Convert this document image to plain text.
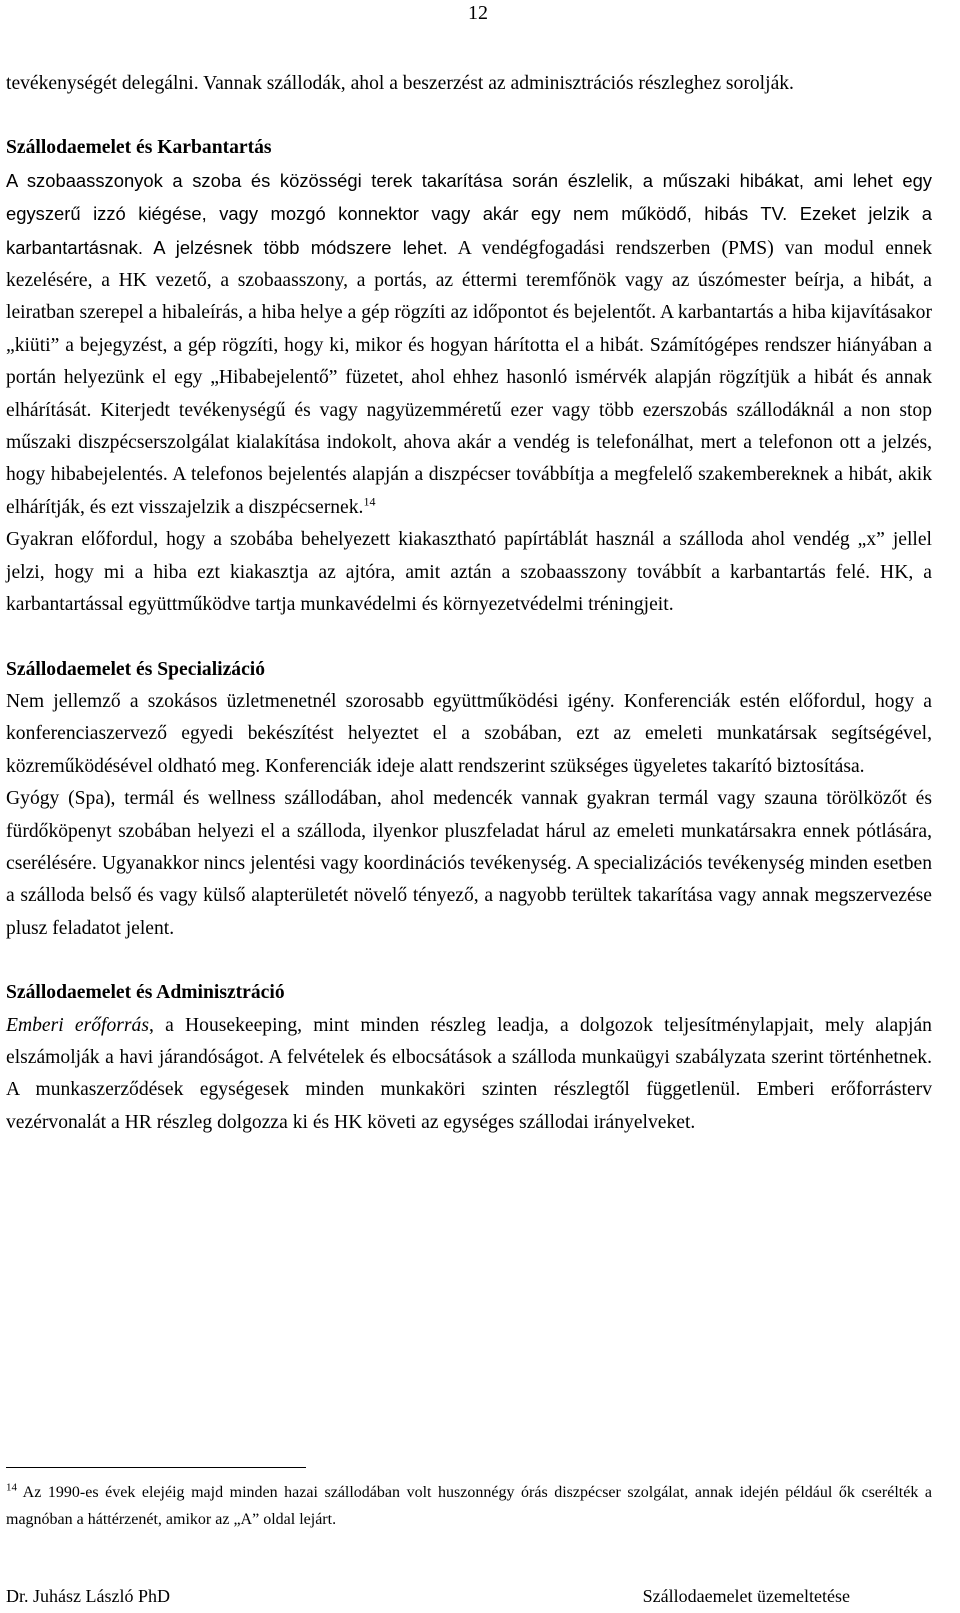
12

tevékenységét delegálni. Vannak szállodák, ahol a beszerzést az adminisztrációs részleghez sorolják.

Szállodaemelet és Karbantartás

A szobaasszonyok a szoba és közösségi terek takarítása során észlelik, a műszaki hibákat, ami lehet egy egyszerű izzó kiégése, vagy mozgó konnektor vagy akár egy nem működő, hibás TV. Ezeket jelzik a karbantartásnak. A jelzésnek több módszere lehet. A vendégfogadási rendszerben (PMS) van modul ennek kezelésére, a HK vezető, a szobaasszony, a portás, az éttermi teremfőnök vagy az úszómester beírja, a hibát, a leiratban szerepel a hibaleírás, a hiba helye a gép rögzíti az időpontot és bejelentőt. A karbantartás a hiba kijavításakor „kiüti” a bejegyzést, a gép rögzíti, hogy ki, mikor és hogyan hárította el a hibát. Számítógépes rendszer hiányában a portán helyezünk el egy „Hibabejelentő” füzetet, ahol ehhez hasonló ismérvék alapján rögzítjük a hibát és annak elhárítását. Kiterjedt tevékenységű és vagy nagyüzemméretű ezer vagy több ezerszobás szállodáknál a non stop műszaki diszpécserszolgálat kialakítása indokolt, ahova akár a vendég is telefonálhat, mert a telefonon ott a jelzés, hogy hibabejelentés. A telefonos bejelentés alapján a diszpécser továbbítja a megfelelő szakembereknek a hibát, akik elhárítják, és ezt visszajelzik a diszpécsernek.$^{14}$

Gyakran előfordul, hogy a szobába behelyezett kiakasztható papírtáblát használ a szálloda ahol vendég „x” jellel jelzi, hogy mi a hiba ezt kiakasztja az ajtóra, amit aztán a szobaasszony továbbít a karbantartás felé. HK, a karbantartással együttműködve tartja munkavédelmi és környezetvédelmi tréningjeit.

Szállodaemelet és Specializáció

Nem jellemző a szokásos üzletmenetnél szorosabb együttműködési igény. Konferenciák estén előfordul, hogy a konferenciaszervező egyedi bekészítést helyeztet el a szobában, ezt az emeleti munkatársak segítségével, közreműködésével oldható meg. Konferenciák ideje alatt rendszerint szükséges ügyeletes takarító biztosítása.

Gyógy (Spa), termál és wellness szállodában, ahol medencék vannak gyakran termál vagy szauna törölközőt és fürdőköpenyt szobában helyezi el a szálloda, ilyenkor pluszfeladat hárul az emeleti munkatársakra ennek pótlására, cserélésére. Ugyanakkor nincs jelentési vagy koordinációs tevékenység. A specializációs tevékenység minden esetben a szálloda belső és vagy külső alapterületét növelő tényező, a nagyobb terültek takarítása vagy annak megszervezése plusz feladatot jelent.

Szállodaemelet és Adminisztráció

Emberi erőforrás, a Housekeeping, mint minden részleg leadja, a dolgozok teljesítménylapjait, mely alapján elszámolják a havi járandóságot. A felvételek és elbocsátások a szálloda munkaügyi szabályzata szerint történhetnek. A munkaszerződések egységesek minden munkaköri szinten részlegtől függetlenül. Emberi erőforrásterv vezérvonalát a HR részleg dolgozza ki és HK követi az egységes szállodai irányelveket.

$^{14}$ Az 1990-es évek elejéig majd minden hazai szállodában volt huszonnégy órás diszpécser szolgálat, annak idején például ők cserélték a magnóban a háttérzenét, amikor az „A” oldal lejárt.
Dr. Juhász László PhD	Szállodaemelet üzemeltetése
